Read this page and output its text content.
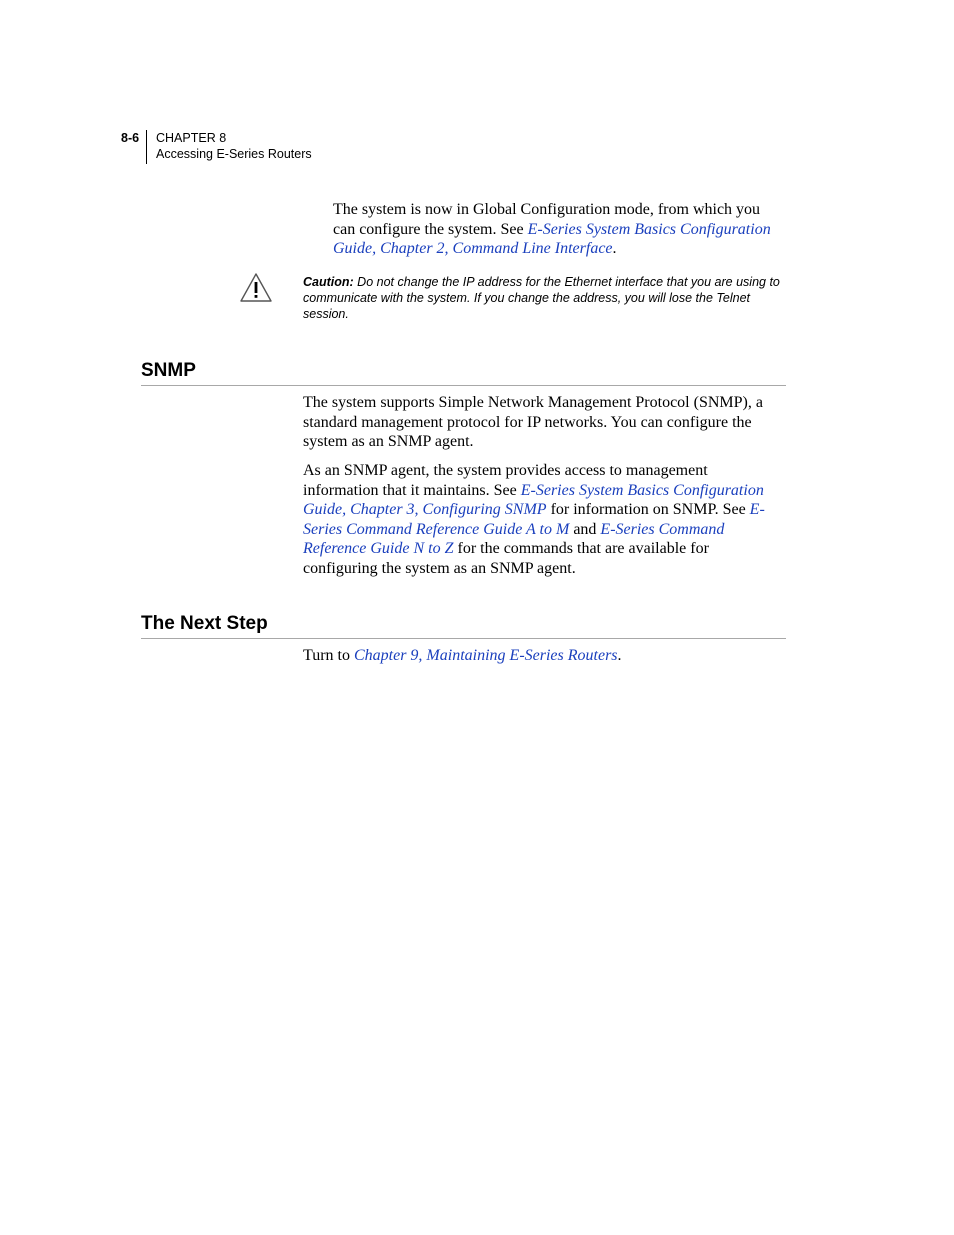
8-6 CHAPTER 8
Accessing E-Series Routers

The system is now in Global Configuration mode, from which you can configure the system. See E-Series System Basics Configuration Guide, Chapter 2, Command Line Interface.

Caution: Do not change the IP address for the Ethernet interface that you are using to communicate with the system. If you change the address, you will lose the Telnet session.

SNMP

The system supports Simple Network Management Protocol (SNMP), a standard management protocol for IP networks. You can configure the system as an SNMP agent.

As an SNMP agent, the system provides access to management information that it maintains. See E-Series System Basics Configuration Guide, Chapter 3, Configuring SNMP for information on SNMP. See E-Series Command Reference Guide A to M and E-Series Command Reference Guide N to Z for the commands that are available for configuring the system as an SNMP agent.

The Next Step

Turn to Chapter 9, Maintaining E-Series Routers.
